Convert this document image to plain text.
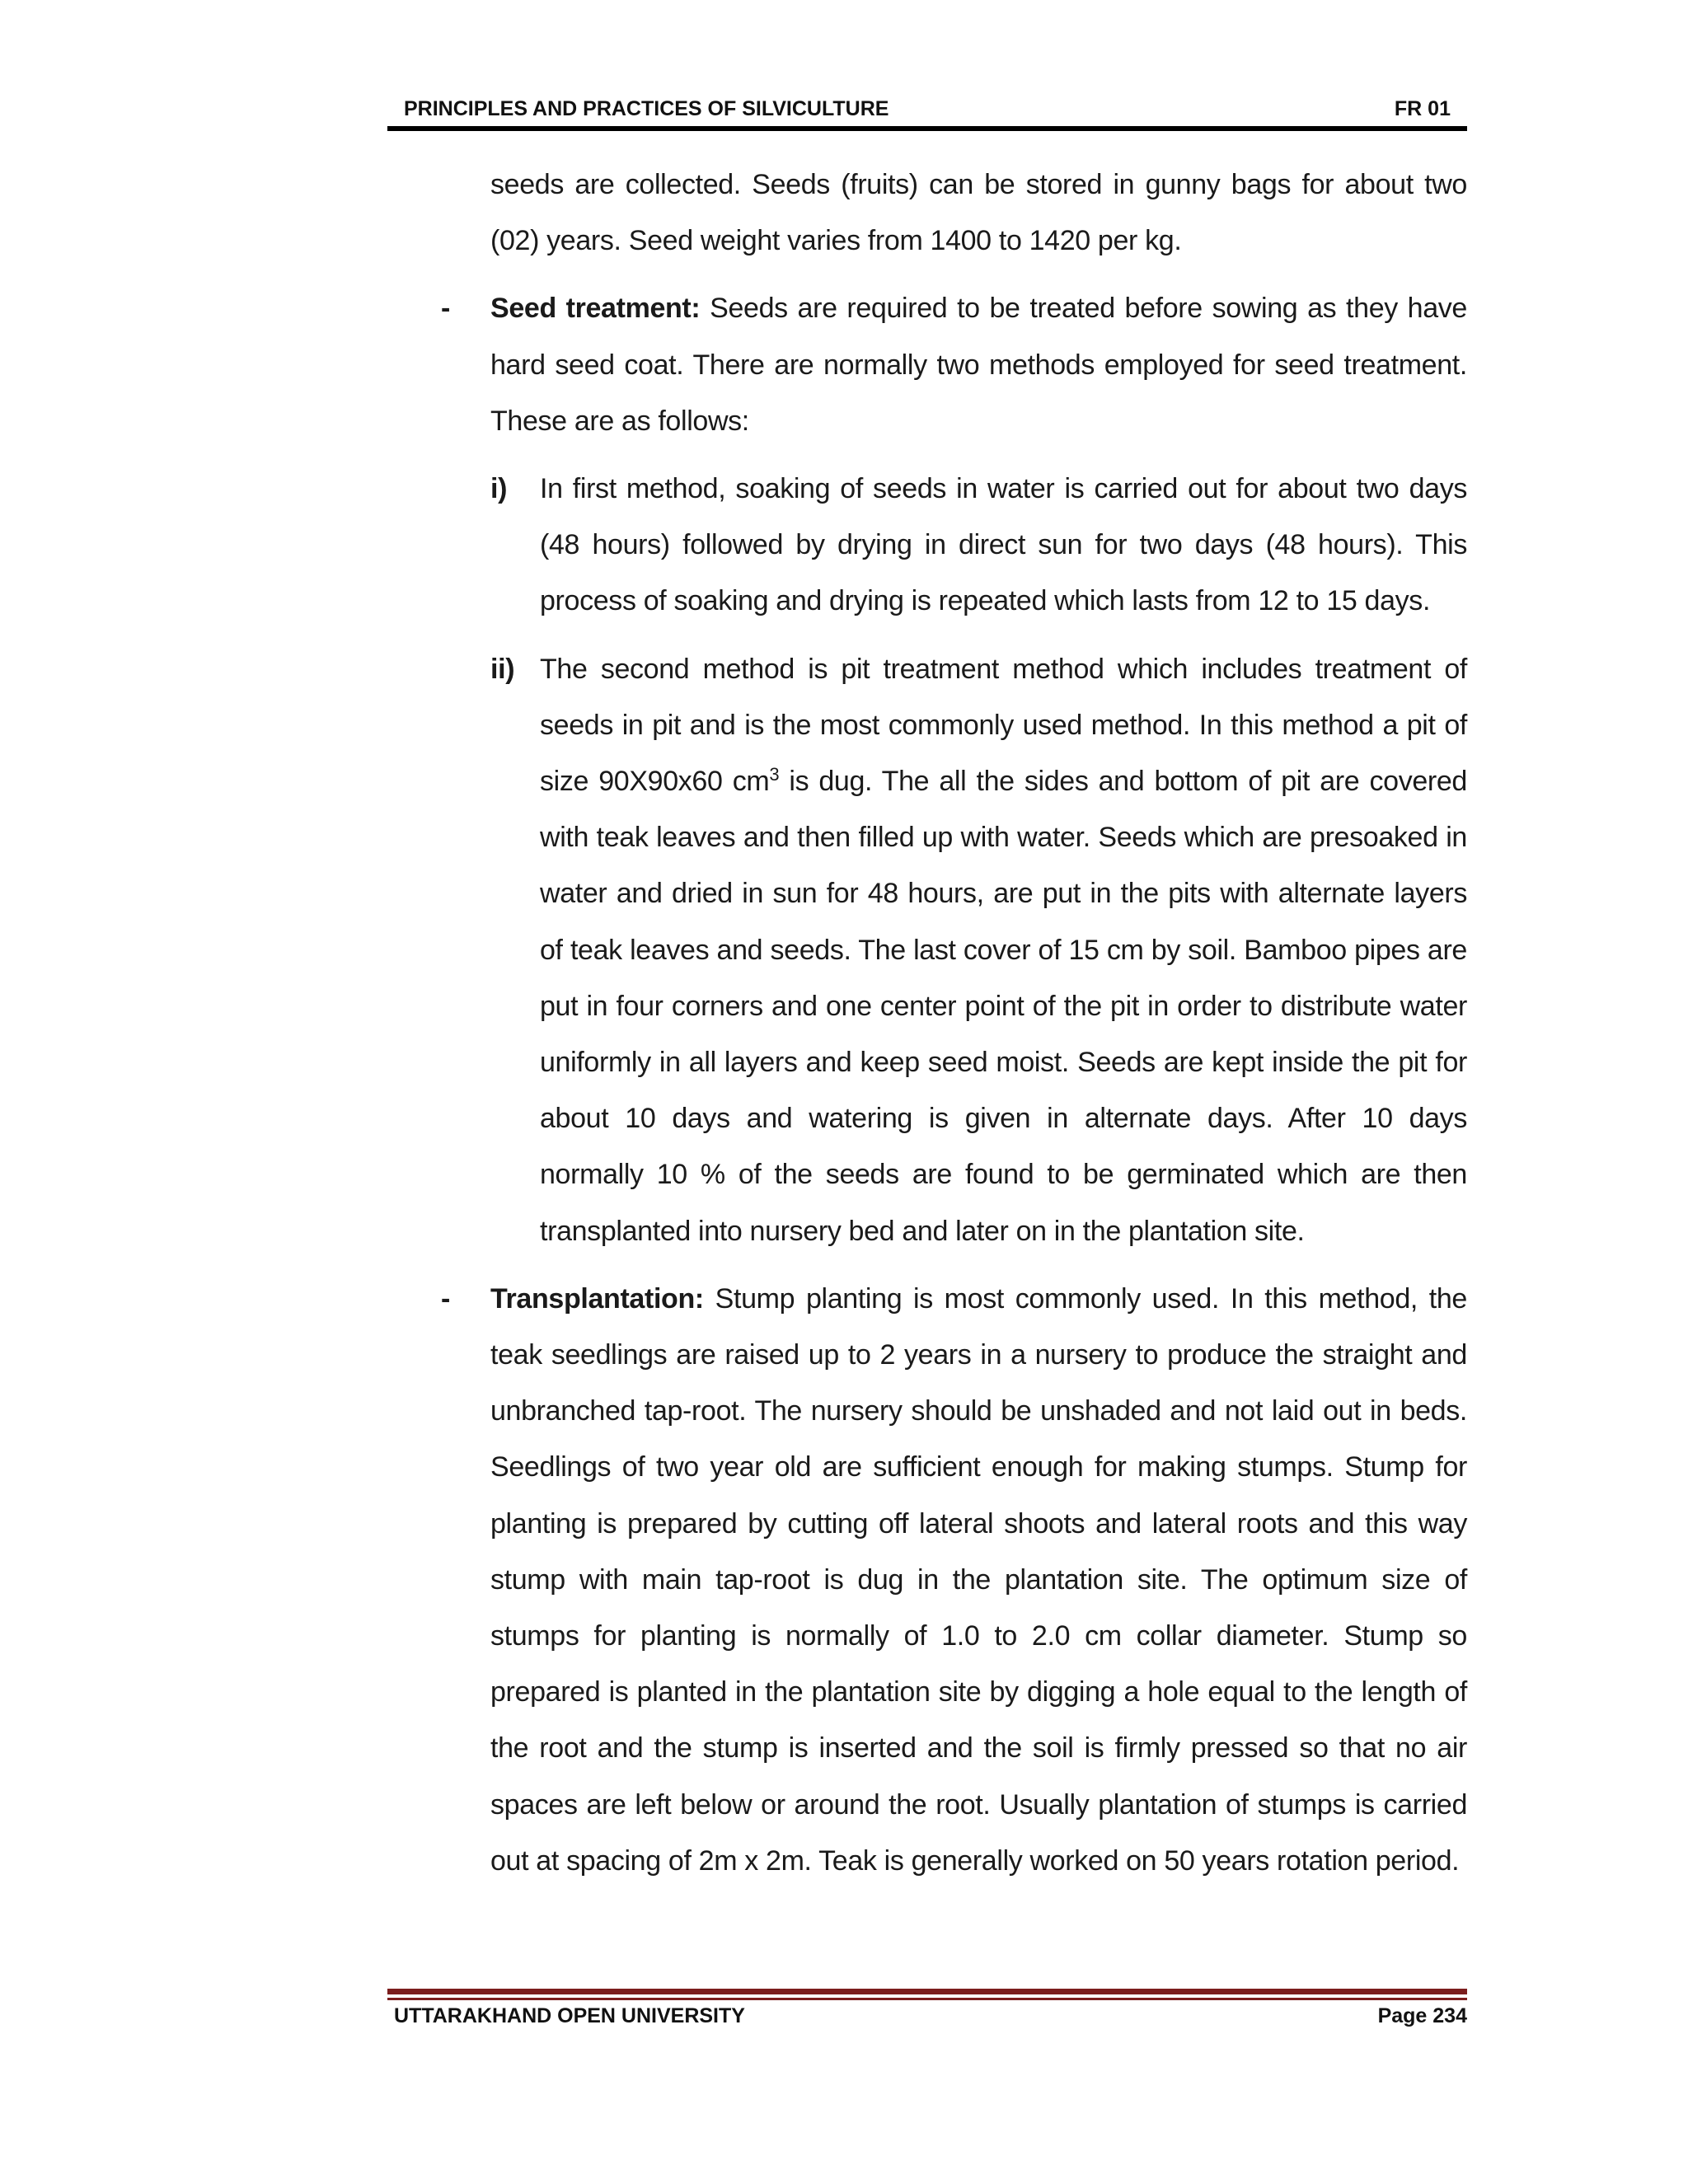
PRINCIPLES AND PRACTICES OF SILVICULTURE	FR 01

seeds are collected. Seeds (fruits) can be stored in gunny bags for about two (02) years. Seed weight varies from 1400 to 1420 per kg.

- Seed treatment: Seeds are required to be treated before sowing as they have hard seed coat. There are normally two methods employed for seed treatment. These are as follows:

i) In first method, soaking of seeds in water is carried out for about two days (48 hours) followed by drying in direct sun for two days (48 hours). This process of soaking and drying is repeated which lasts from 12 to 15 days.

ii) The second method is pit treatment method which includes treatment of seeds in pit and is the most commonly used method. In this method a pit of size 90X90x60 $cm^3$ is dug. The all the sides and bottom of pit are covered with teak leaves and then filled up with water. Seeds which are presoaked in water and dried in sun for 48 hours, are put in the pits with alternate layers of teak leaves and seeds. The last cover of 15 cm by soil. Bamboo pipes are put in four corners and one center point of the pit in order to distribute water uniformly in all layers and keep seed moist. Seeds are kept inside the pit for about 10 days and watering is given in alternate days. After 10 days normally 10 % of the seeds are found to be germinated which are then transplanted into nursery bed and later on in the plantation site.

- Transplantation: Stump planting is most commonly used. In this method, the teak seedlings are raised up to 2 years in a nursery to produce the straight and unbranched tap-root. The nursery should be unshaded and not laid out in beds. Seedlings of two year old are sufficient enough for making stumps. Stump for planting is prepared by cutting off lateral shoots and lateral roots and this way stump with main tap-root is dug in the plantation site. The optimum size of stumps for planting is normally of 1.0 to 2.0 cm collar diameter. Stump so prepared is planted in the plantation site by digging a hole equal to the length of the root and the stump is inserted and the soil is firmly pressed so that no air spaces are left below or around the root. Usually plantation of stumps is carried out at spacing of 2m x 2m. Teak is generally worked on 50 years rotation period.

UTTARAKHAND OPEN UNIVERSITY	Page 234
